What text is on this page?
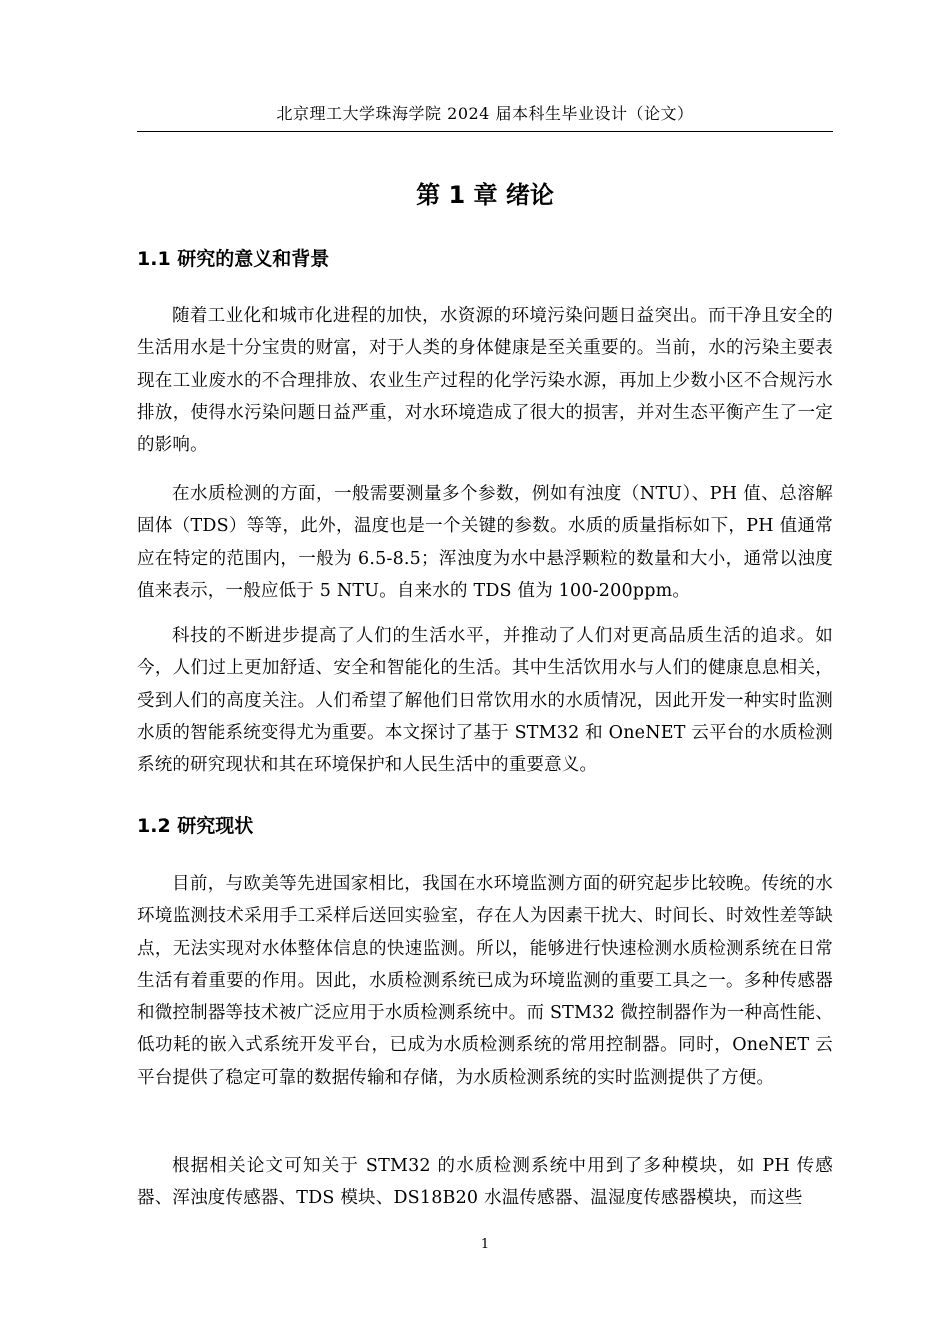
北京理工大学珠海学院 2024 届本科生毕业设计（论文）
第 1 章 绪论
1.1 研究的意义和背景

随着工业化和城市化进程的加快，水资源的环境污染问题日益突出。而干净且安全的生活用水是十分宝贵的财富，对于人类的身体健康是至关重要的。当前，水的污染主要表现在工业废水的不合理排放、农业生产过程的化学污染水源，再加上少数小区不合规污水排放，使得水污染问题日益严重，对水环境造成了很大的损害，并对生态平衡产生了一定的影响。

在水质检测的方面，一般需要测量多个参数，例如有浊度（NTU）、PH 值、总溶解固体（TDS）等等，此外，温度也是一个关键的参数。水质的质量指标如下，PH 值通常应在特定的范围内，一般为 6.5-8.5；浑浊度为水中悬浮颗粒的数量和大小，通常以浊度值来表示，一般应低于 5 NTU。自来水的 TDS 值为 100-200ppm。

科技的不断进步提高了人们的生活水平，并推动了人们对更高品质生活的追求。如今，人们过上更加舒适、安全和智能化的生活。其中生活饮用水与人们的健康息息相关，受到人们的高度关注。人们希望了解他们日常饮用水的水质情况，因此开发一种实时监测水质的智能系统变得尤为重要。本文探讨了基于 STM32 和 OneNET 云平台的水质检测系统的研究现状和其在环境保护和人民生活中的重要意义。

1.2 研究现状

目前，与欧美等先进国家相比，我国在水环境监测方面的研究起步比较晚。传统的水环境监测技术采用手工采样后送回实验室，存在人为因素干扰大、时间长、时效性差等缺点，无法实现对水体整体信息的快速监测。所以，能够进行快速检测水质检测系统在日常生活有着重要的作用。因此，水质检测系统已成为环境监测的重要工具之一。多种传感器和微控制器等技术被广泛应用于水质检测系统中。而 STM32 微控制器作为一种高性能、低功耗的嵌入式系统开发平台，已成为水质检测系统的常用控制器。同时，OneNET 云平台提供了稳定可靠的数据传输和存储，为水质检测系统的实时监测提供了方便。

根据相关论文可知关于 STM32 的水质检测系统中用到了多种模块，如 PH 传感器、浑浊度传感器、TDS 模块、DS18B20 水温传感器、温湿度传感器模块，而这些

1
